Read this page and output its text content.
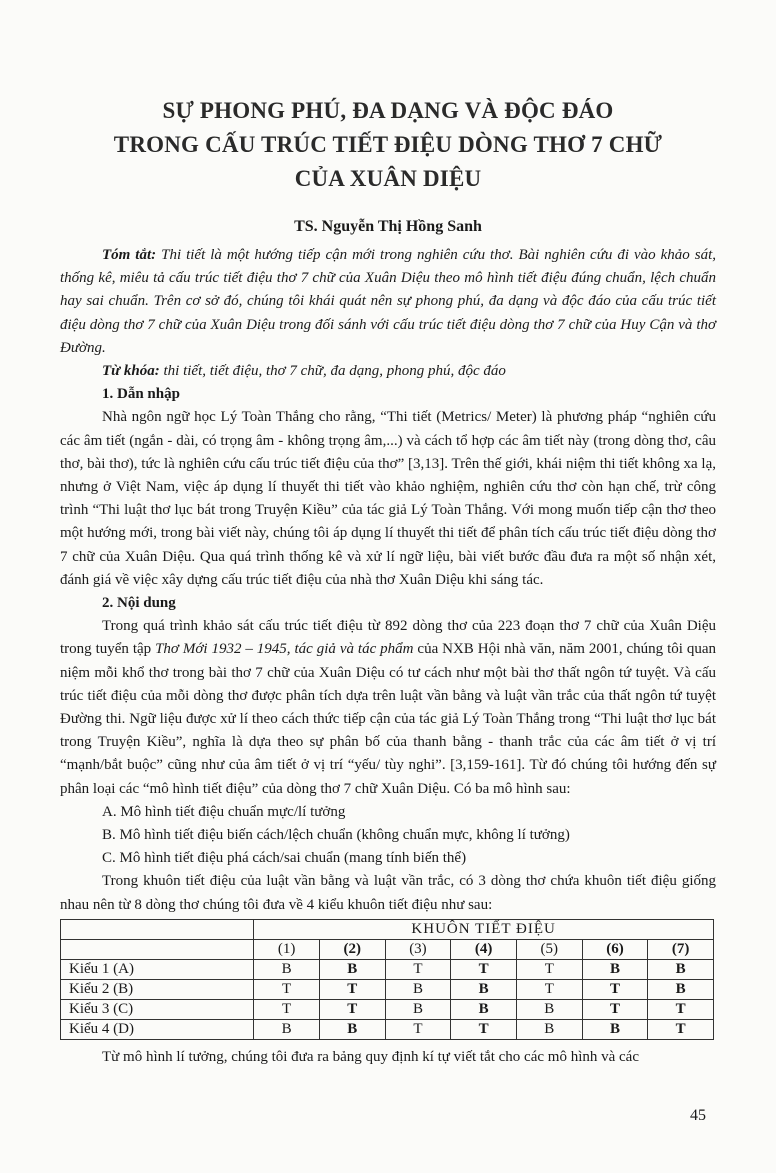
SỰ PHONG PHÚ, ĐA DẠNG VÀ ĐỘC ĐÁO
TRONG CẤU TRÚC TIẾT ĐIỆU DÒNG THƠ 7 CHỮ
CỦA XUÂN DIỆU
TS. Nguyễn Thị Hồng Sanh

Tóm tắt: Thi tiết là một hướng tiếp cận mới trong nghiên cứu thơ. Bài nghiên cứu đi vào khảo sát, thống kê, miêu tả cấu trúc tiết điệu thơ 7 chữ của Xuân Diệu theo mô hình tiết điệu đúng chuẩn, lệch chuẩn hay sai chuẩn. Trên cơ sở đó, chúng tôi khái quát nên sự phong phú, đa dạng và độc đáo của cấu trúc tiết điệu dòng thơ 7 chữ của Xuân Diệu trong đối sánh với cấu trúc tiết điệu dòng thơ 7 chữ của Huy Cận và thơ Đường.

Từ khóa: thi tiết, tiết điệu, thơ 7 chữ, đa dạng, phong phú, độc đáo

1. Dẫn nhập

Nhà ngôn ngữ học Lý Toàn Thắng cho rằng, “Thi tiết (Metrics/ Meter) là phương pháp “nghiên cứu các âm tiết (ngắn - dài, có trọng âm - không trọng âm,...) và cách tổ hợp các âm tiết này (trong dòng thơ, câu thơ, bài thơ), tức là nghiên cứu cấu trúc tiết điệu của thơ” [3,13]. Trên thế giới, khái niệm thi tiết không xa lạ, nhưng ở Việt Nam, việc áp dụng lí thuyết thi tiết vào khảo nghiệm, nghiên cứu thơ còn hạn chế, trừ công trình “Thi luật thơ lục bát trong Truyện Kiều” của tác giả Lý Toàn Thắng. Với mong muốn tiếp cận thơ theo một hướng mới, trong bài viết này, chúng tôi áp dụng lí thuyết thi tiết để phân tích cấu trúc tiết điệu dòng thơ 7 chữ của Xuân Diệu. Qua quá trình thống kê và xử lí ngữ liệu, bài viết bước đầu đưa ra một số nhận xét, đánh giá về việc xây dựng cấu trúc tiết điệu của nhà thơ Xuân Diệu khi sáng tác.

2. Nội dung

Trong quá trình khảo sát cấu trúc tiết điệu từ 892 dòng thơ của 223 đoạn thơ 7 chữ của Xuân Diệu trong tuyển tập Thơ Mới 1932 – 1945, tác giả và tác phẩm của NXB Hội nhà văn, năm 2001, chúng tôi quan niệm mỗi khổ thơ trong bài thơ 7 chữ của Xuân Diệu có tư cách như một bài thơ thất ngôn tứ tuyệt. Và cấu trúc tiết điệu của mỗi dòng thơ được phân tích dựa trên luật vần bằng và luật vần trắc của thất ngôn tứ tuyệt Đường thi. Ngữ liệu được xử lí theo cách thức tiếp cận của tác giả Lý Toàn Thắng trong “Thi luật thơ lục bát trong Truyện Kiều”, nghĩa là dựa theo sự phân bố của thanh bằng - thanh trắc của các âm tiết ở vị trí “mạnh/bắt buộc” cũng như của âm tiết ở vị trí “yếu/ tùy nghi”. [3,159-161]. Từ đó chúng tôi hướng đến sự phân loại các “mô hình tiết điệu” của dòng thơ 7 chữ Xuân Diệu. Có ba mô hình sau:

A. Mô hình tiết điệu chuẩn mực/lí tưởng
B. Mô hình tiết điệu biến cách/lệch chuẩn (không chuẩn mực, không lí tưởng)
C. Mô hình tiết điệu phá cách/sai chuẩn (mang tính biến thể)

Trong khuôn tiết điệu của luật vần bằng và luật vần trắc, có 3 dòng thơ chứa khuôn tiết điệu giống nhau nên từ 8 dòng thơ chúng tôi đưa về 4 kiểu khuôn tiết điệu như sau:

	KHUÔN TIẾT ĐIỆU						
	(1)	(2)	(3)	(4)	(5)	(6)	(7)
Kiểu 1 (A)	B	B	T	T	T	B	B
Kiểu 2 (B)	T	T	B	B	T	T	B
Kiểu 3 (C)	T	T	B	B	B	T	T
Kiểu 4 (D)	B	B	T	T	B	B	T

Từ mô hình lí tưởng, chúng tôi đưa ra bảng quy định kí tự viết tắt cho các mô hình và các

45
